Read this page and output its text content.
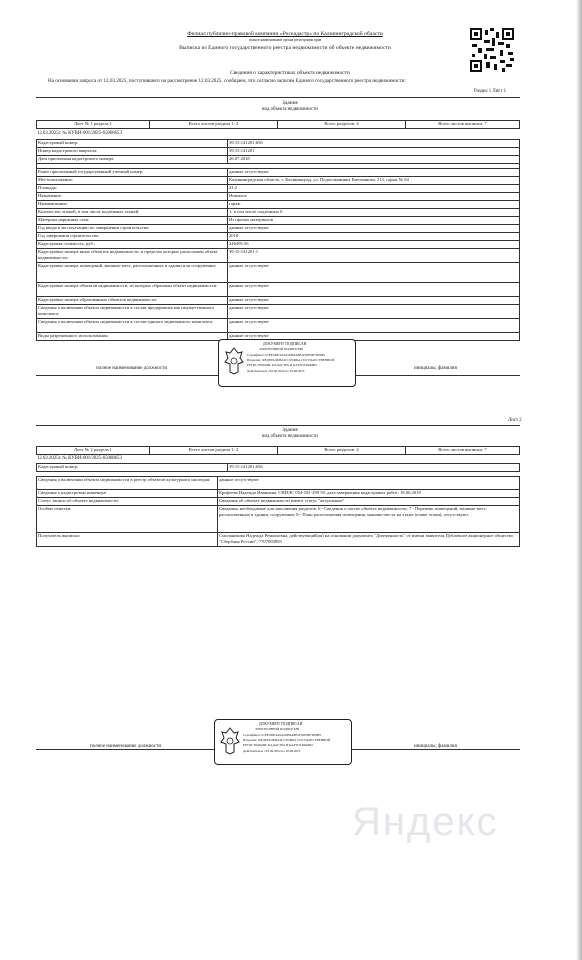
Филиал публично-правовой компании «Роскадастр» по Калининградской области
полное наименование органа регистрации прав
Выписка из Единого государственного реестра недвижимости об объекте недвижимости
Сведения о характеристиках объекта недвижимости
На основании запроса от 12.03.2025, поступившего на рассмотрение 12.03.2025, сообщаем, что согласно записям Единого государственного реестра недвижимости:
Раздел 1 Лист 1
Здание
вид объекта недвижимости
Лист № 1 раздела 1	Всего листов раздела 1: 2	Всего разделов: 4	Всего листов выписки: 7
12.03.2025г. № КУВИ-001/2025-65068653
Кадастровый номер:	39:15:141201:656
Номер кадастрового квартала:	39:15:141201
Дата присвоения кадастрового номера:	26.07.2018

Ранее присвоенный государственный учетный номер:	данные отсутствуют
Местоположение:	Калининградская область, г. Калининград, ул. Подполковника Емельянова, 213, гараж № 64
Площадь:	21.2
Назначение:	Нежилое
Наименование:	гараж
Количество этажей, в том числе подземных этажей:	1, в том числе подземных 0
Материал наружных стен:	Из прочих материалов
Год ввода в эксплуатацию по завершении строительства:	данные отсутствуют
Год завершения строительства:	2018
Кадастровая стоимость, руб.:	246495.56
Кадастровые номера иных объектов недвижимости, в пределах которых расположен объект недвижимости:	39:15:141201:1
Кадастровые номера помещений, машино-мест, расположенных в здании или сооружении:	данные отсутствуют
Кадастровые номера объектов недвижимости, из которых образован объект недвижимости:	данные отсутствуют
Кадастровые номера образованных объектов недвижимости:	данные отсутствуют
Сведения о включении объекта недвижимости в состав предприятия как имущественного комплекса:	данные отсутствуют
Сведения о включении объекта недвижимости в состав единого недвижимого комплекса:	данные отсутствуют
Виды разрешенного использования:	данные отсутствуют
полное наименование должности	инициалы, фамилия
ДОКУМЕНТ ПОДПИСАН
ЭЛЕКТРОННОЙ ПОДПИСЬЮ
Сертификат: 01F8500E4A9A5DB4A8B1F92E9B74E6B9
Владелец: ФЕДЕРАЛЬНАЯ СЛУЖБА ГОСУДАРСТВЕННОЙ
РЕГИСТРАЦИИ, КАДАСТРА И КАРТОГРАФИИ
Действителен: с03.06.2024 по 26.08.2025
Лист 2
Здание
вид объекта недвижимости
Лист № 2 раздела 1	Всего листов раздела 1: 2	Всего разделов: 4	Всего листов выписки: 7
12.03.2025г. № КУВИ-001/2025-65068653
Кадастровый номер:	39:15:141201:656
Сведения о включении объекта недвижимости в реестр объектов культурного наследия:	данные отсутствуют
Сведения о кадастровом инженере:	Ерофеева Надежда Ивановна, СНИЛС 054-181-299 50, дата завершения кадастровых работ: 18.06.2018
Статус записи об объекте недвижимости:	Сведения об объекте недвижимости имеют статус "актуальные"
Особые отметки:	Сведения, необходимые для заполнения разделов: 6 - Сведения о частях объекта недвижимости; 7 - Перечень помещений, машино-мест, расположенных в здании, сооружении; 8 - План расположения помещения, машино-места на этаже (плане этажа), отсутствуют.
Получатель выписки:	Смоляникова Надежда Ремальевна, действующий(ая) на основании документа "Доверенность" от имени заявителя Публичное акционерное общество "Сбербанк России", 7707083893
полное наименование должности	инициалы, фамилия
ДОКУМЕНТ ПОДПИСАН
ЭЛЕКТРОННОЙ ПОДПИСЬЮ
Сертификат: 01F8500E4A9A5DB4A8B1F92E9B74E6B9
Владелец: ФЕДЕРАЛЬНАЯ СЛУЖБА ГОСУДАРСТВЕННОЙ
РЕГИСТРАЦИИ, КАДАСТРА И КАРТОГРАФИИ
Действителен: с03.06.2024 по 26.08.2025
Яндекс
